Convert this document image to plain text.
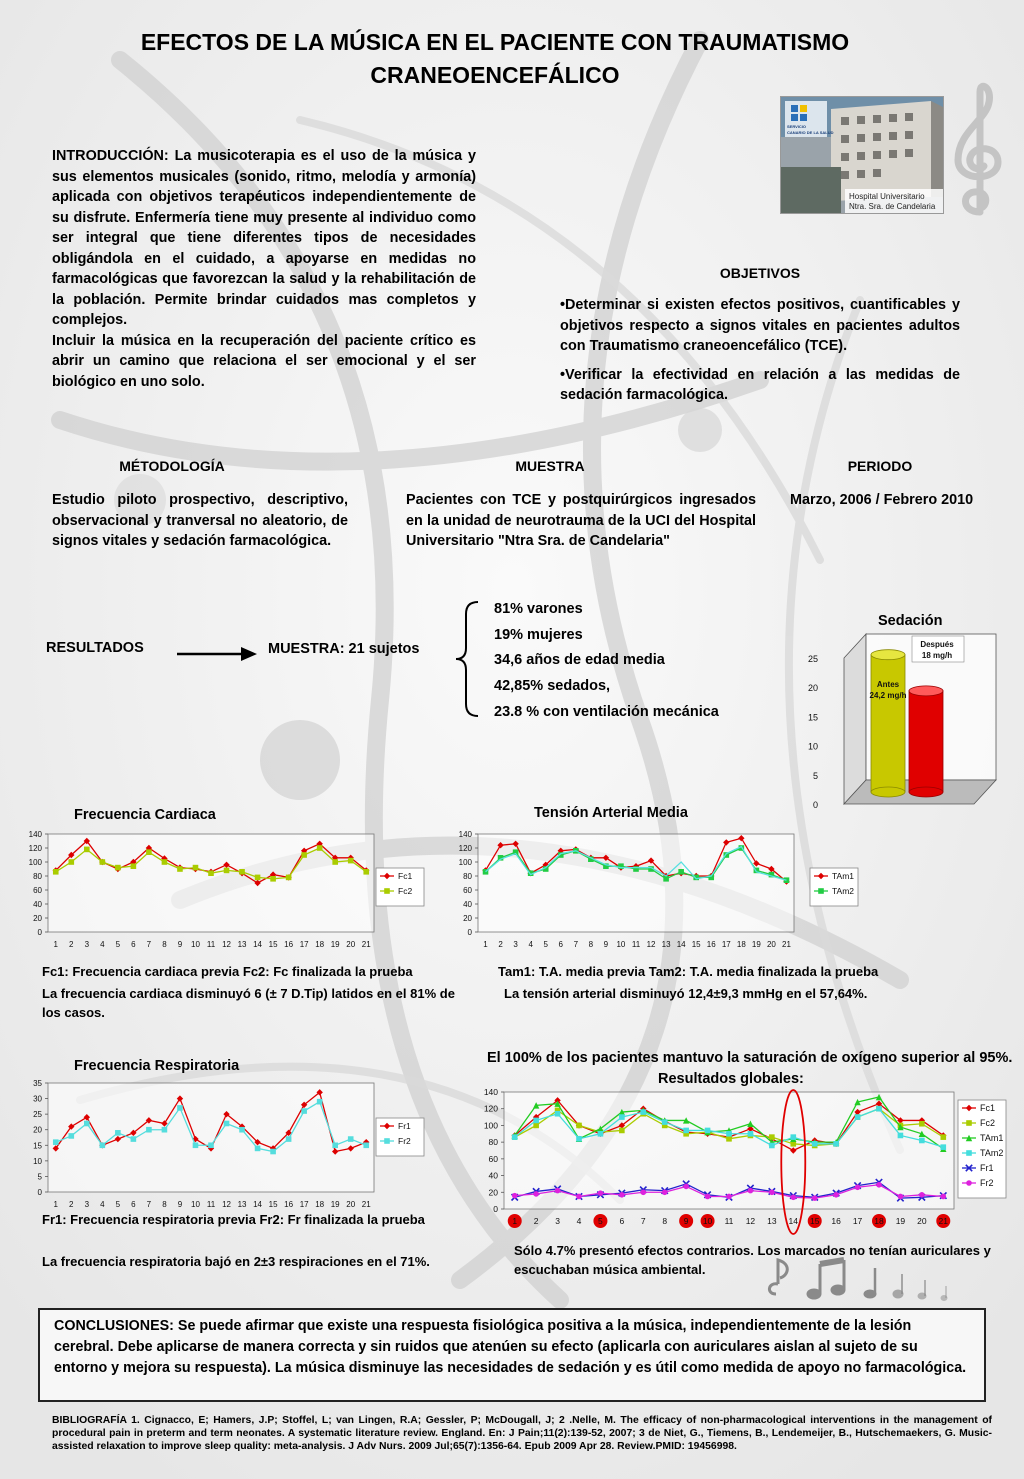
EFECTOS DE LA MÚSICA EN EL PACIENTE CON TRAUMATISMO CRANEOENCEFÁLICO
SERVICIO
CANARIO DE LA SALUD
Hospital Universitario
Ntra. Sra. de Candelaria

INTRODUCCIÓN: La musicoterapia es el uso de la música y sus elementos musicales (sonido, ritmo, melodía y armonía) aplicada con objetivos terapéuticos independientemente de su disfrute. Enfermería tiene muy presente al individuo como ser integral que tiene diferentes tipos de necesidades obligándola en el cuidado, a apoyarse en medidas no farmacológicas que favorezcan la salud y la rehabilitación de la población. Permite brindar cuidados mas completos y complejos.

Incluir la música en la recuperación del paciente crítico es abrir un camino que relaciona el ser emocional y el ser biológico en uno solo.

OBJETIVOS

•Determinar si existen efectos positivos, cuantificables y objetivos respecto a signos vitales en pacientes adultos con Traumatismo craneoencefálico (TCE).

•Verificar la efectividad en relación a las medidas de sedación farmacológica.

MÉTODOLOGÍA
Estudio piloto prospectivo, descriptivo, observacional y tranversal no aleatorio, de signos vitales y sedación farmacológica.
MUESTRA
Pacientes con TCE y postquirúrgicos ingresados en la unidad de neurotrauma de la UCI del Hospital Universitario "Ntra Sra. de Candelaria"
PERIODO
Marzo, 2006 / Febrero 2010
RESULTADOS	MUESTRA: 21 sujetos
81% varones
19% mujeres
34,6 años de edad media
42,85% sedados,
23.8 % con ventilación mecánica
Sedación
0
5
10
15
20
25
Antes
24,2 mg/h
Después
18 mg/h
Frecuencia Cardiaca
0
20
40
60
80
100
120
140
1 2 3 4 5 6 7 8 9 10 11 12 13 14 15 16 17 18 19 20 21
Fc1
Fc2
Fc1: Frecuencia cardiaca previa Fc2: Fc finalizada la prueba
La frecuencia cardiaca disminuyó 6 (± 7 D.Tip) latidos en el 81% de los casos.
Tensión Arterial Media
0
20
40
60
80
100
120
140
1 2 3 4 5 6 7 8 9 10 11 12 13 14 15 16 17 18 19 20 21
TAm1
TAm2
Tam1: T.A. media previa Tam2: T.A. media finalizada la prueba
La tensión arterial disminuyó 12,4±9,3 mmHg en el 57,64%.
Frecuencia Respiratoria
0
5
10
15
20
25
30
35
1 2 3 4 5 6 7 8 9 10 11 12 13 14 15 16 17 18 19 20 21
Fr1
Fr2
Fr1: Frecuencia respiratoria previa Fr2: Fr finalizada la prueba
La frecuencia respiratoria bajó en 2±3 respiraciones en el 71%.
El 100% de los pacientes mantuvo la saturación de oxígeno superior al 95%.
Resultados globales:
0
20
40
60
80
100
120
140
1 2 3 4 5 6 7 8 9 10 11 12 13 14 15 16 17 18 19 20 21
Fc1
Fc2
TAm1
TAm2
Fr1
Fr2
Sólo 4.7% presentó efectos contrarios. Los marcados no tenían auriculares y escuchaban música ambiental.
CONCLUSIONES: Se puede afirmar que existe una respuesta fisiológica positiva a la música, independientemente de la lesión cerebral. Debe aplicarse de manera correcta y sin ruidos que atenúen su efecto (aplicarla con auriculares aislan al sujeto de su entorno y mejora su respuesta). La música disminuye las necesidades de sedación y es útil como medida de apoyo no farmacológica.
BIBLIOGRAFÍA 1. Cignacco, E; Hamers, J.P; Stoffel, L; van Lingen, R.A; Gessler, P; McDougall, J; 2 .Nelle, M. The efficacy of non-pharmacological interventions in the management of procedural pain in preterm and term neonates. A systematic literature review. England. En: J Pain;11(2):139-52, 2007; 3 de Niet, G., Tiemens, B., Lendemeijer, B., Hutschemaekers, G. Music-assisted relaxation to improve sleep quality: meta-analysis. J Adv Nurs. 2009 Jul;65(7):1356-64. Epub 2009 Apr 28. Review.PMID: 19456998.
